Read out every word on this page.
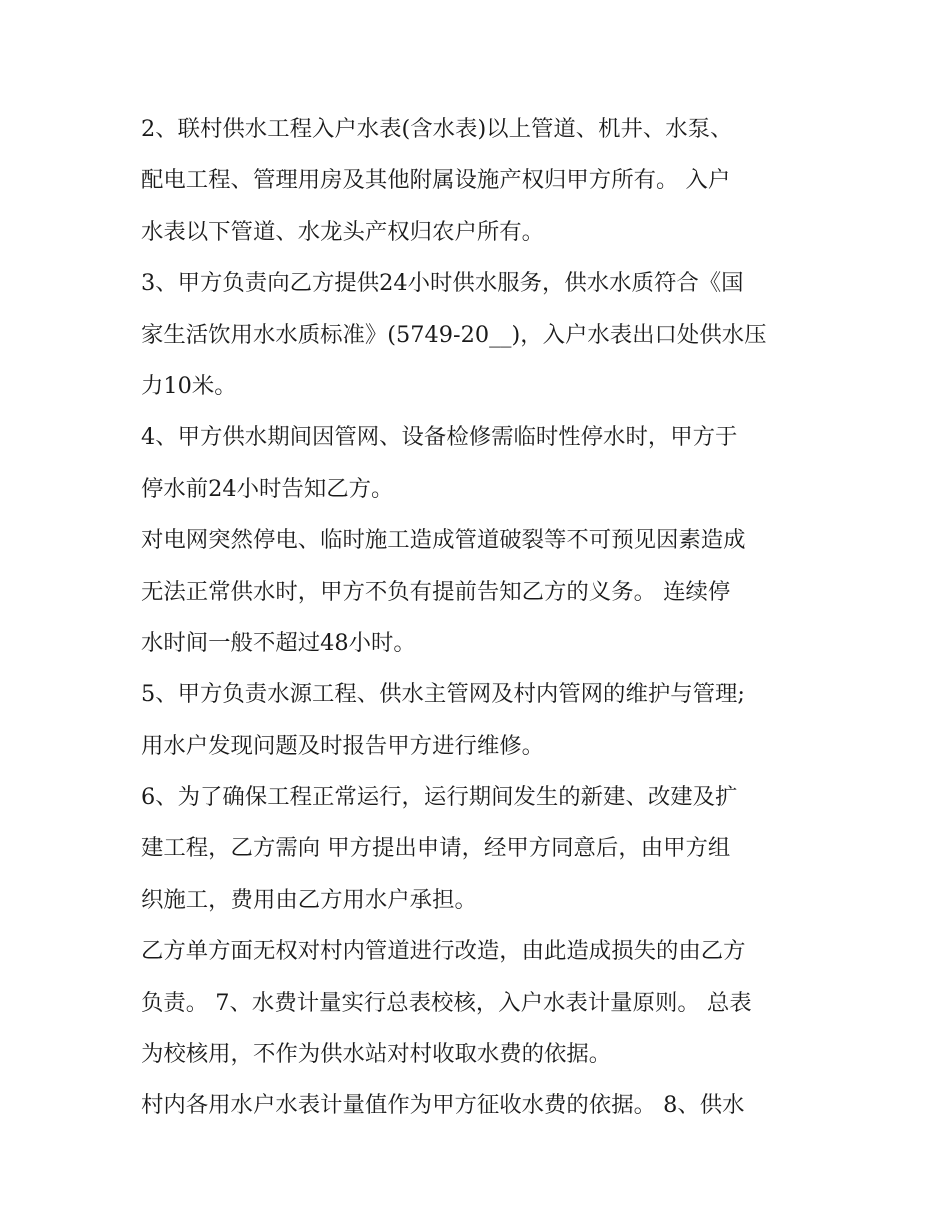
2、联村供水工程入户水表(含水表)以上管道、机井、水泵、
配电工程、管理用房及其他附属设施产权归甲方所有。 入户
水表以下管道、水龙头产权归农户所有。
3、甲方负责向乙方提供24小时供水服务，供水水质符合《国
家生活饮用水水质标准》(5749-20__)，入户水表出口处供水压
力10米。
4、甲方供水期间因管网、设备检修需临时性停水时，甲方于
停水前24小时告知乙方。
对电网突然停电、临时施工造成管道破裂等不可预见因素造成
无法正常供水时，甲方不负有提前告知乙方的义务。 连续停
水时间一般不超过48小时。
5、甲方负责水源工程、供水主管网及村内管网的维护与管理;
用水户发现问题及时报告甲方进行维修。
6、为了确保工程正常运行，运行期间发生的新建、改建及扩
建工程，乙方需向 甲方提出申请，经甲方同意后，由甲方组
织施工，费用由乙方用水户承担。
乙方单方面无权对村内管道进行改造，由此造成损失的由乙方
负责。 7、水费计量实行总表校核，入户水表计量原则。 总表
为校核用，不作为供水站对村收取水费的依据。
村内各用水户水表计量值作为甲方征收水费的依据。 8、供水
